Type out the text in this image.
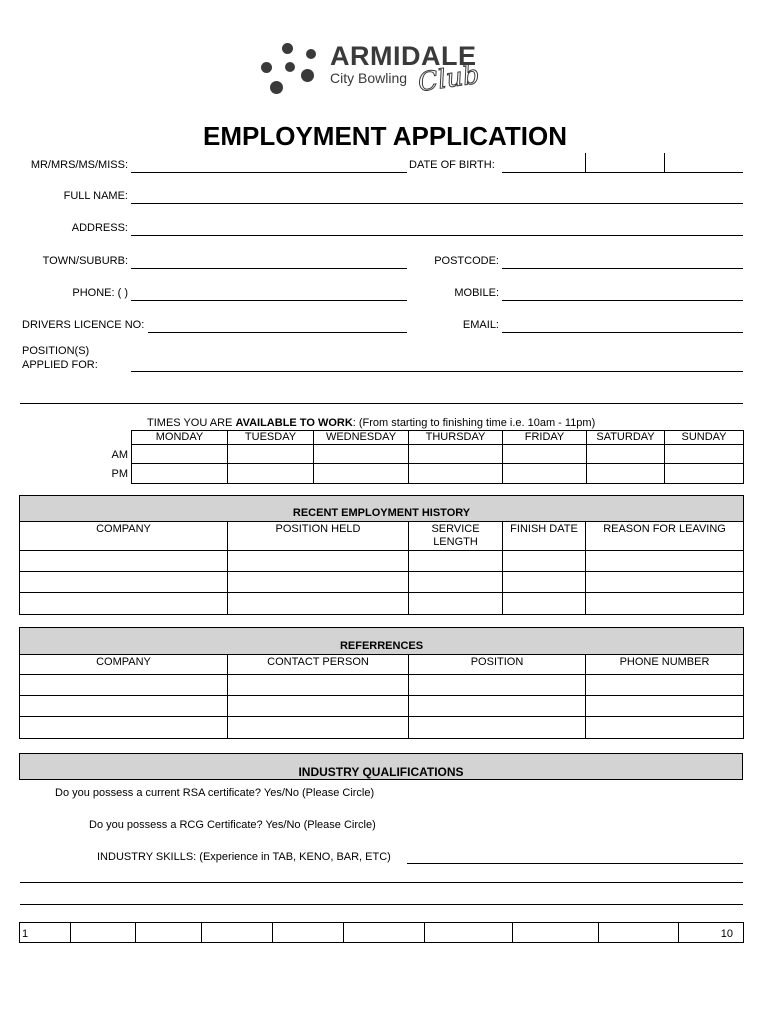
ARMIDALE
City Bowling Club
EMPLOYMENT APPLICATION
MR/MRS/MS/MISS:	DATE OF BIRTH:
FULL NAME:
ADDRESS:
TOWN/SUBURB:	POSTCODE:
PHONE: ( )	MOBILE:
DRIVERS LICENCE NO:	EMAIL:
POSITION(S)
APPLIED FOR:
TIMES YOU ARE AVAILABLE TO WORK: (From starting to finishing time i.e. 10am - 11pm)
MONDAY	TUESDAY	WEDNESDAY	THURSDAY	FRIDAY	SATURDAY	SUNDAY

AM
PM
RECENT EMPLOYMENT HISTORY				
COMPANY	POSITION HELD	SERVICE LENGTH	FINISH DATE	REASON FOR LEAVING

REFERRENCES			
COMPANY	CONTACT PERSON	POSITION	PHONE NUMBER

INDUSTRY QUALIFICATIONS
Do you possess a current RSA certificate? Yes/No (Please Circle)
Do you possess a RCG Certificate? Yes/No (Please Circle)
INDUSTRY SKILLS: (Experience in TAB, KENO, BAR, ETC)
1									10
